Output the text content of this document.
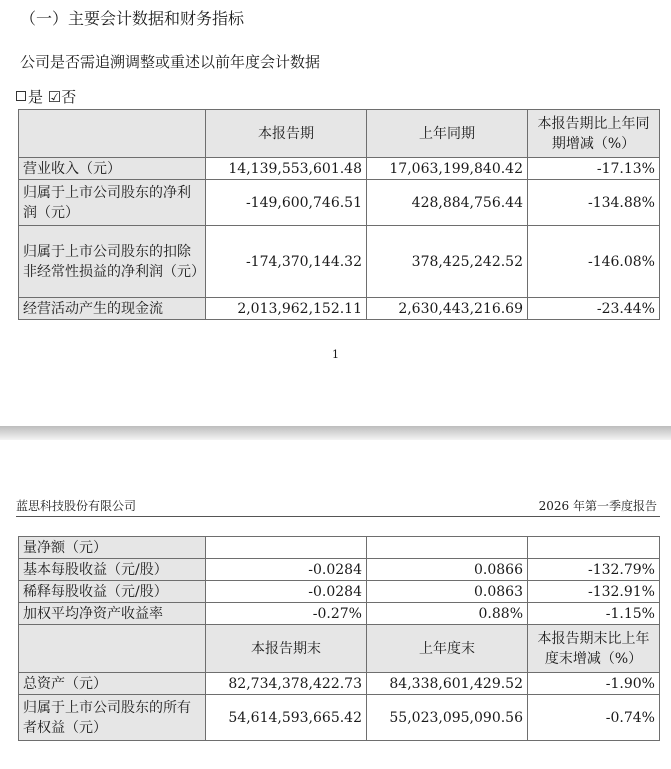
（一）主要会计数据和财务指标
公司是否需追溯调整或重述以前年度会计数据
是 ☑否
	本报告期	上年同期	本报告期比上年同期增减（%）
营业收入（元）	14,139,553,601.48	17,063,199,840.42	-17.13%
归属于上市公司股东的净利润（元）	-149,600,746.51	428,884,756.44	-134.88%
归属于上市公司股东的扣除非经常性损益的净利润（元）	-174,370,144.32	378,425,242.52	-146.08%
经营活动产生的现金流	2,013,962,152.11	2,630,443,216.69	-23.44%
1
蓝思科技股份有限公司	2026 年第一季度报告
量净额（元）			
基本每股收益（元/股）	-0.0284	0.0866	-132.79%
稀释每股收益（元/股）	-0.0284	0.0863	-132.91%
加权平均净资产收益率	-0.27%	0.88%	-1.15%
	本报告期末	上年度末	本报告期末比上年度末增减（%）
总资产（元）	82,734,378,422.73	84,338,601,429.52	-1.90%
归属于上市公司股东的所有者权益（元）	54,614,593,665.42	55,023,095,090.56	-0.74%
